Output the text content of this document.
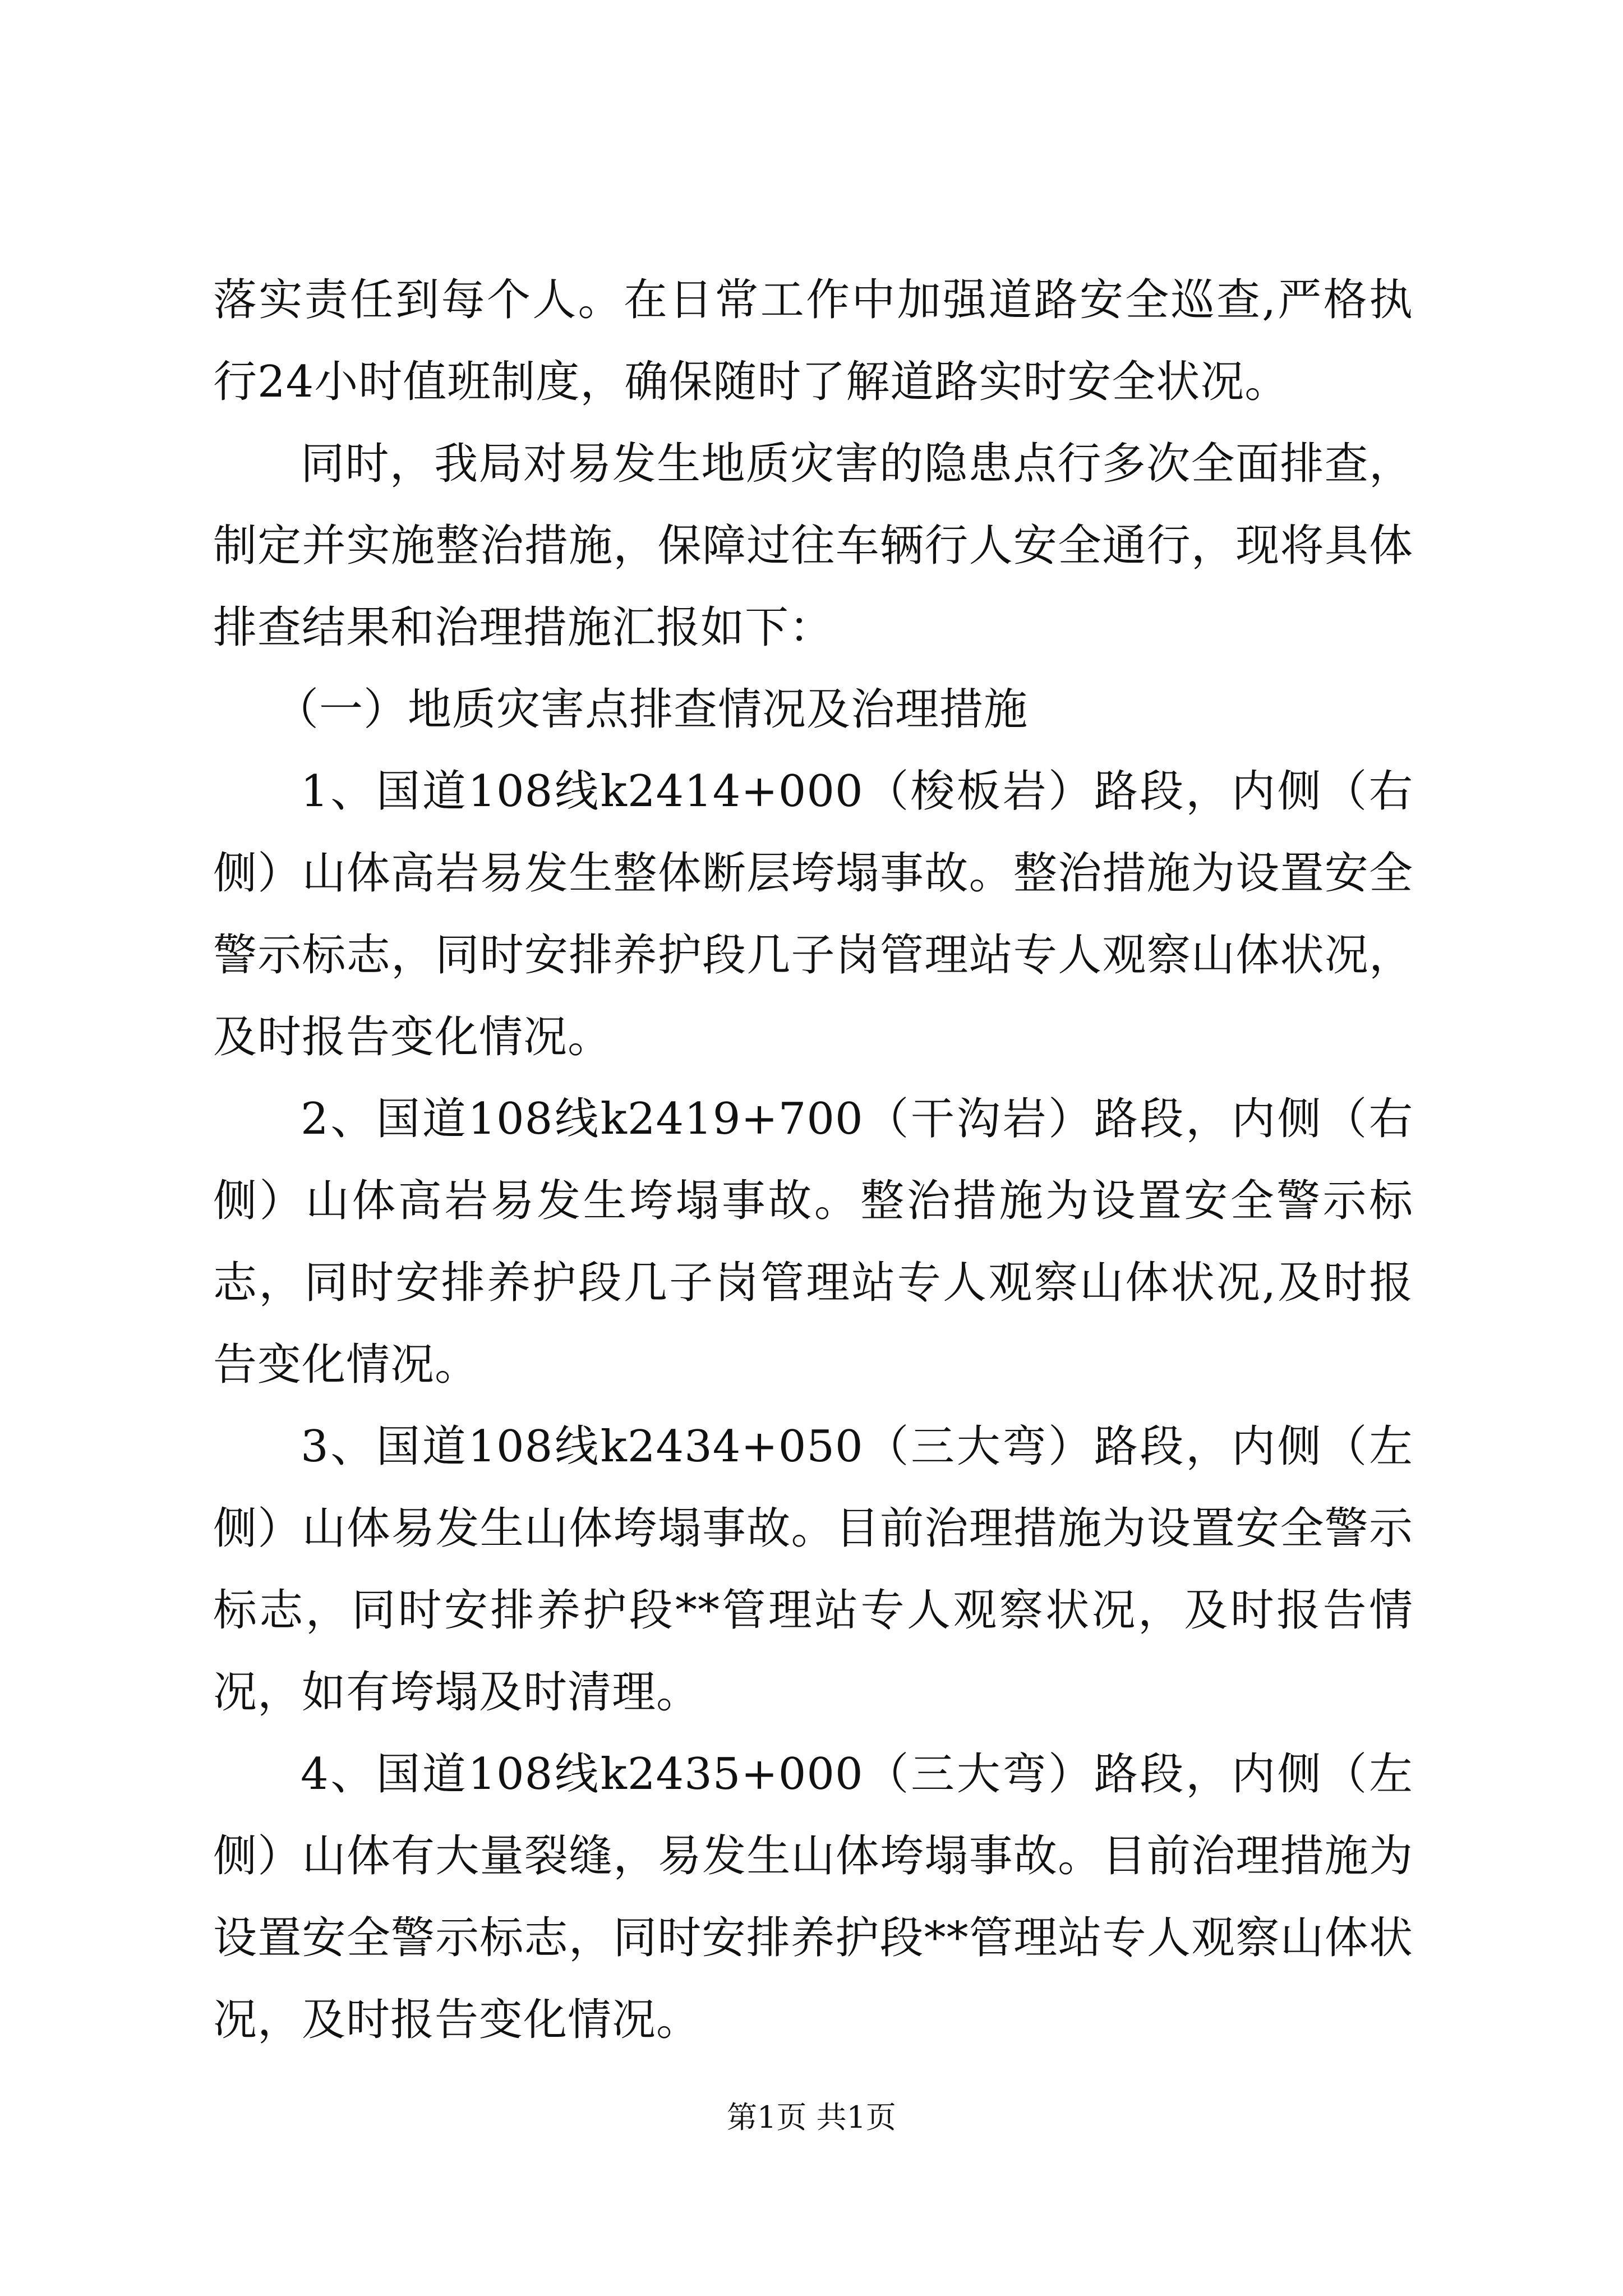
落实责任到每个人。在日常工作中加强道路安全巡查,严格执行24小时值班制度，确保随时了解道路实时安全状况。

同时，我局对易发生地质灾害的隐患点行多次全面排查，制定并实施整治措施，保障过往车辆行人安全通行，现将具体排查结果和治理措施汇报如下：

（一）地质灾害点排查情况及治理措施

1、国道108线k2414+000（梭板岩）路段，内侧（右侧）山体高岩易发生整体断层垮塌事故。整治措施为设置安全警示标志，同时安排养护段几子岗管理站专人观察山体状况，及时报告变化情况。

2、国道108线k2419+700（干沟岩）路段，内侧（右侧）山体高岩易发生垮塌事故。整治措施为设置安全警示标志，同时安排养护段几子岗管理站专人观察山体状况,及时报告变化情况。

3、国道108线k2434+050（三大弯）路段，内侧（左侧）山体易发生山体垮塌事故。目前治理措施为设置安全警示标志，同时安排养护段**管理站专人观察状况，及时报告情况，如有垮塌及时清理。

4、国道108线k2435+000（三大弯）路段，内侧（左侧）山体有大量裂缝，易发生山体垮塌事故。目前治理措施为设置安全警示标志，同时安排养护段**管理站专人观察山体状况，及时报告变化情况。

第1页 共1页
